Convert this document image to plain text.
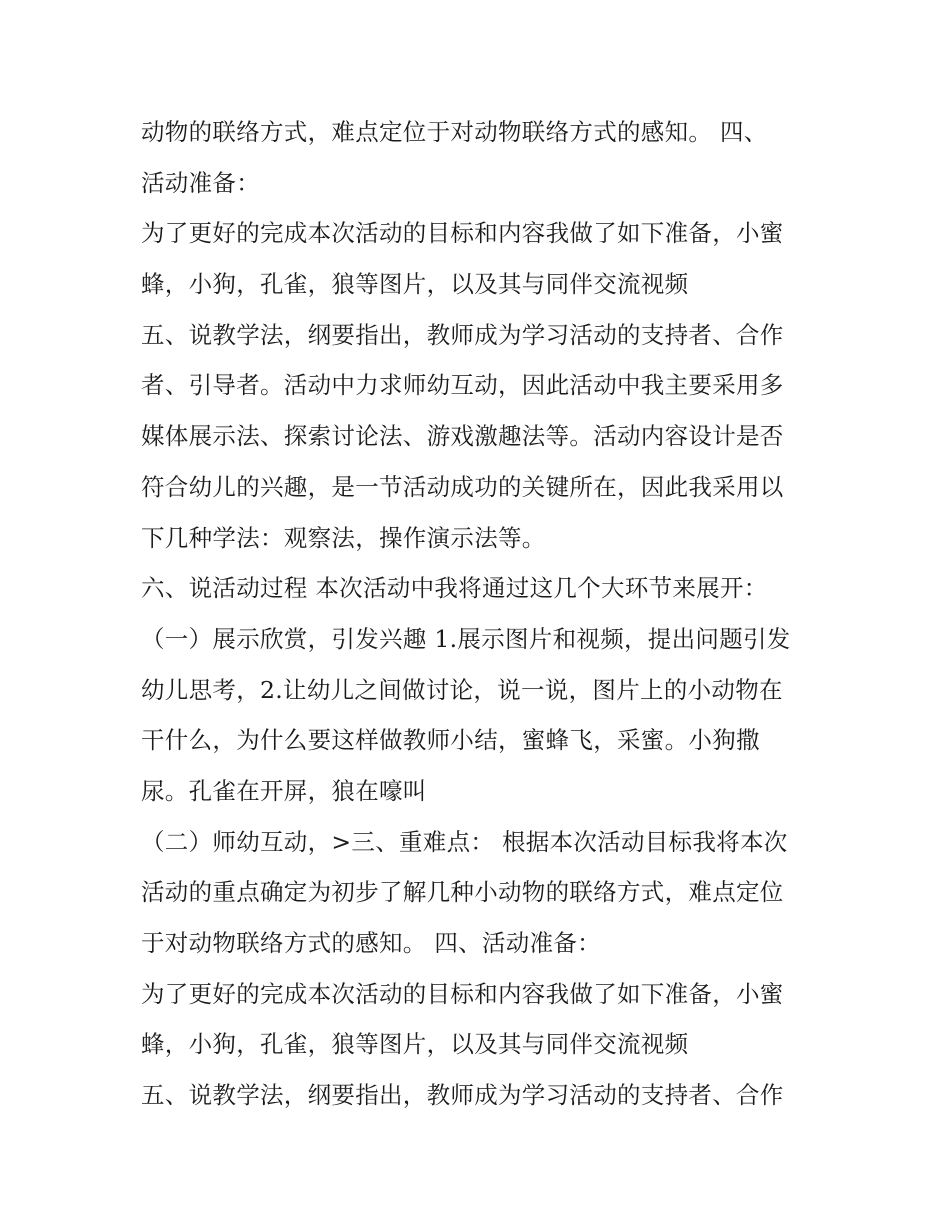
动物的联络方式，难点定位于对动物联络方式的感知。 四、
活动准备：
为了更好的完成本次活动的目标和内容我做了如下准备，小蜜
蜂，小狗，孔雀，狼等图片，以及其与同伴交流视频
五、说教学法，纲要指出，教师成为学习活动的支持者、合作
者、引导者。活动中力求师幼互动，因此活动中我主要采用多
媒体展示法、探索讨论法、游戏激趣法等。活动内容设计是否
符合幼儿的兴趣，是一节活动成功的关键所在，因此我采用以
下几种学法：观察法，操作演示法等。
六、说活动过程 本次活动中我将通过这几个大环节来展开：
（一）展示欣赏，引发兴趣 1.展示图片和视频，提出问题引发
幼儿思考，2.让幼儿之间做讨论，说一说，图片上的小动物在
干什么，为什么要这样做教师小结，蜜蜂飞，采蜜。小狗撒
尿。孔雀在开屏，狼在嚎叫
（二）师幼互动，>三、重难点： 根据本次活动目标我将本次
活动的重点确定为初步了解几种小动物的联络方式，难点定位
于对动物联络方式的感知。 四、活动准备：
为了更好的完成本次活动的目标和内容我做了如下准备，小蜜
蜂，小狗，孔雀，狼等图片，以及其与同伴交流视频
五、说教学法，纲要指出，教师成为学习活动的支持者、合作
